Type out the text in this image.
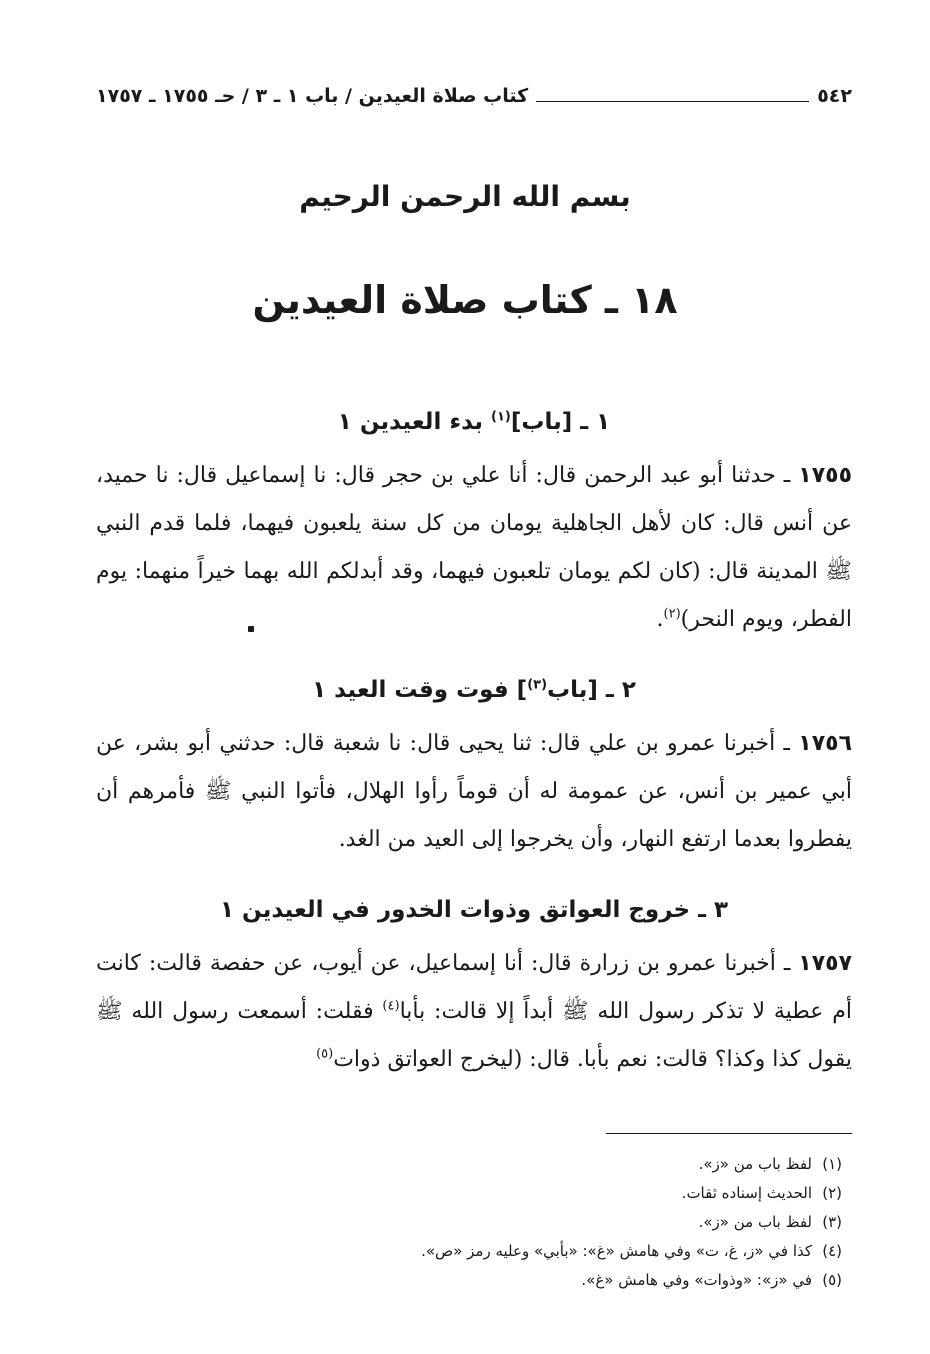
٥٤٢
كتاب صلاة العيدين / باب ١ ـ ٣ / حـ ١٧٥٥ ـ ١٧٥٧
بسم الله الرحمن الرحيم
١٨ ـ كتاب صلاة العيدين
١ ـ [باب]$^{(١)}$ بدء العيدين ١

١٧٥٥ ـ حدثنا أبو عبد الرحمن قال: أنا علي بن حجر قال: نا إسماعيل قال: نا حميد، عن أنس قال: كان لأهل الجاهلية يومان من كل سنة يلعبون فيهما، فلما قدم النبي ﷺ المدينة قال: (كان لكم يومان تلعبون فيهما، وقد أبدلكم الله بهما خيراً منهما: يوم الفطر، ويوم النحر)$^{(٢)}$.

٢ ـ [باب$^{(٣)}$] فوت وقت العيد ١

١٧٥٦ ـ أخبرنا عمرو بن علي قال: ثنا يحيى قال: نا شعبة قال: حدثني أبو بشر، عن أبي عمير بن أنس، عن عمومة له أن قوماً رأوا الهلال، فأتوا النبي ﷺ فأمرهم أن يفطروا بعدما ارتفع النهار، وأن يخرجوا إلى العيد من الغد.

٣ ـ خروج العواتق وذوات الخدور في العيدين ١

١٧٥٧ ـ أخبرنا عمرو بن زرارة قال: أنا إسماعيل، عن أيوب، عن حفصة قالت: كانت أم عطية لا تذكر رسول الله ﷺ أبداً إلا قالت: بأبا$^{(٤)}$ فقلت: أسمعت رسول الله ﷺ يقول كذا وكذا؟ قالت: نعم بأبا. قال: (ليخرج العواتق ذوات$^{(٥)}$

(١)لفظ باب من «ز».
(٢)الحديث إسناده ثقات.
(٣)لفظ باب من «ز».
(٤)كذا في «ز، غ، ت» وفي هامش «غ»: «بأبي» وعليه رمز «ص».
(٥)في «ز»: «وذوات» وفي هامش «غ».
